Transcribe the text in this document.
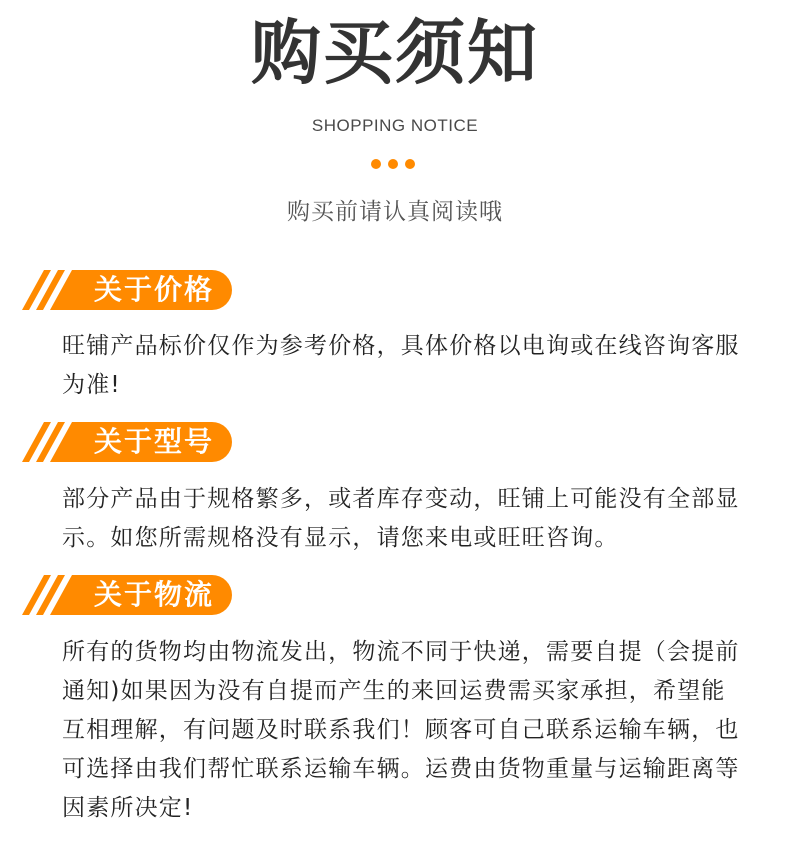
购买须知
SHOPPING NOTICE
购买前请认真阅读哦
关于价格

旺铺产品标价仅作为参考价格，具体价格以电询或在线咨询客服为准!

关于型号

部分产品由于规格繁多，或者库存变动，旺铺上可能没有全部显示。如您所需规格没有显示，请您来电或旺旺咨询。

关于物流

所有的货物均由物流发出，物流不同于快递，需要自提（会提前通知)如果因为没有自提而产生的来回运费需买家承担，希望能互相理解，有问题及时联系我们！顾客可自己联系运输车辆，也可选择由我们帮忙联系运输车辆。运费由货物重量与运输距离等因素所决定!
